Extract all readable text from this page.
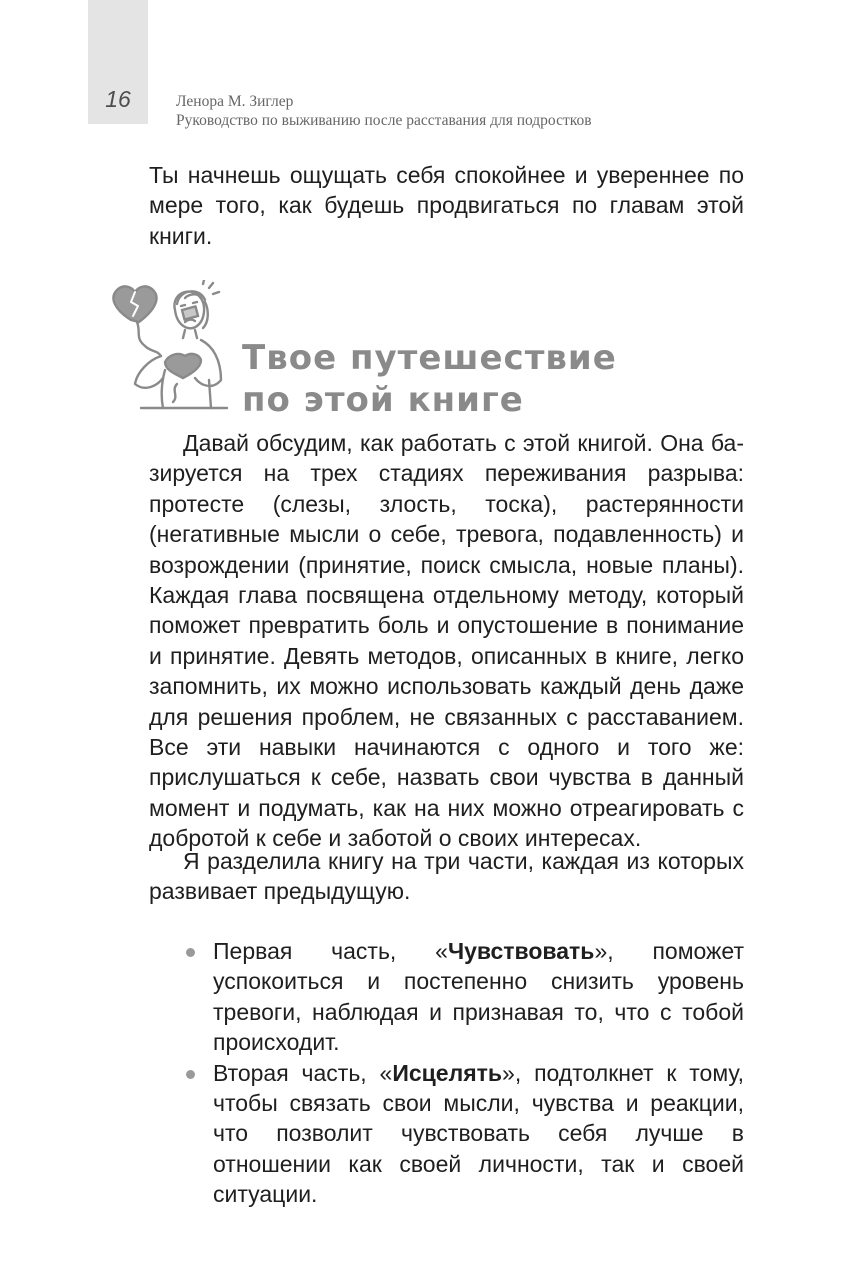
16	Ленора М. Зиглер
Руководство по выживанию после расставания для подростков

Ты начнешь ощущать себя спокойнее и увереннее по мере того, как будешь продвигаться по главам этой книги.

Твое путешествие
по этой книге

Давай обсудим, как работать с этой книгой. Она базируется на трех стадиях переживания разрыва: протесте (слезы, злость, тоска), растерянности (негативные мысли о себе, тревога, подавленность) и возрождении (принятие, поиск смысла, новые планы). Каждая глава посвящена отдельному методу, который поможет превратить боль и опустошение в понимание и принятие. Девять методов, описанных в книге, легко запомнить, их можно использовать каждый день даже для решения проблем, не связанных с расставанием. Все эти навыки начинаются с одного и того же: прислушаться к себе, назвать свои чувства в данный момент и подумать, как на них можно отреагировать с добротой к себе и заботой о своих интересах.

Я разделила книгу на три части, каждая из которых развивает предыдущую.

Первая часть, «Чувствовать», поможет успокоиться и постепенно снизить уровень тревоги, наблюдая и признавая то, что с тобой происходит.
Вторая часть, «Исцелять», подтолкнет к тому, чтобы связать свои мысли, чувства и реакции, что позволит чувствовать себя лучше в отношении как своей личности, так и своей ситуации.
